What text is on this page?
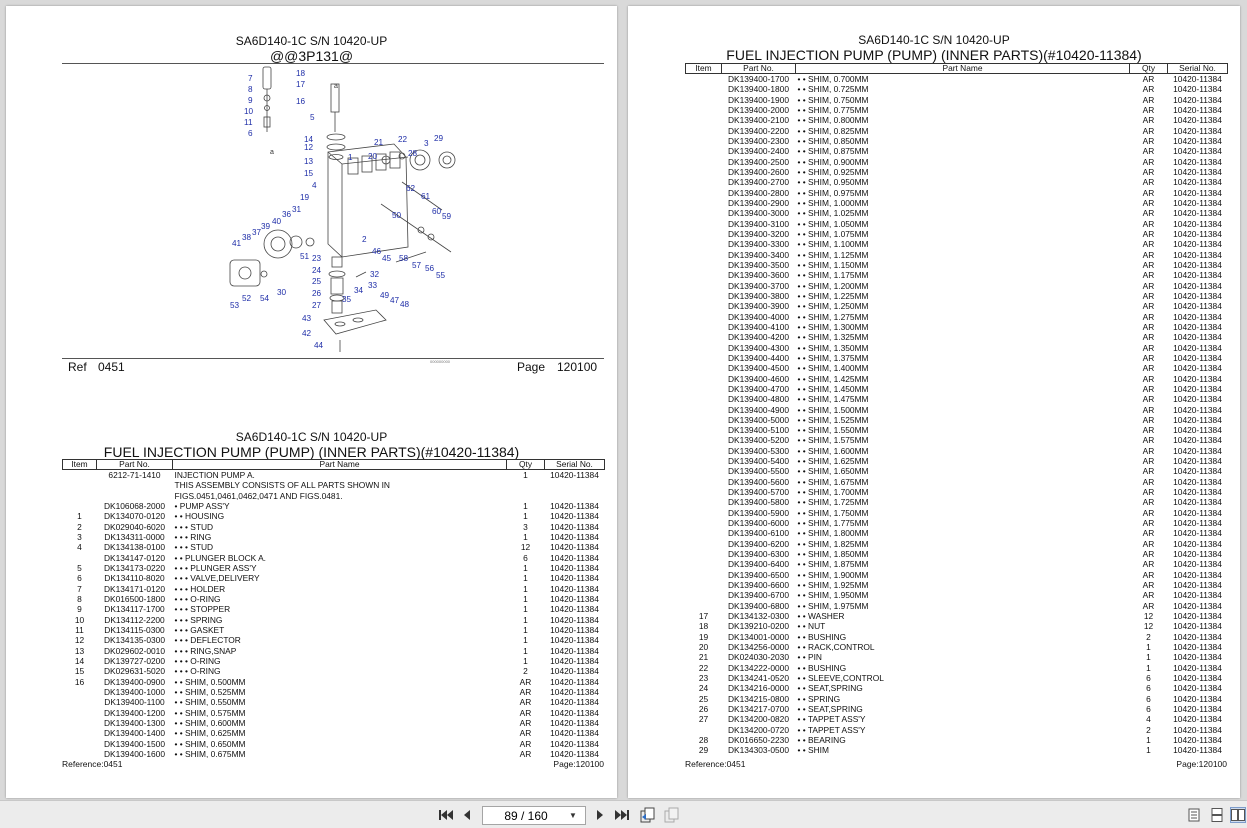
SA6D140-1C S/N 10420-UP
@@3P131@
1
2
3
4
5
6
7
8
9
10
11
12
13
14
15
16
17
18
19
20
21 22
23
24
25
26
27
28
29
30
31
32
33
34
35
36
37
38
39
40
41
42
43
44
45
46
47 48
49
50
51
52
53
54
55
56
57
58
59
60
61
62
a
a
000000000
Ref 0451	Page 120100
SA6D140-1C S/N 10420-UP
FUEL INJECTION PUMP (PUMP) (INNER PARTS)(#10420-11384)
Item	Part No.	Part Name	Qty	Serial No.
	6212-71-1410	INJECTION PUMP A.	1	10420-11384
		THIS ASSEMBLY CONSISTS OF ALL PARTS SHOWN IN		
		FIGS.0451,0461,0462,0471 AND FIGS.0481.		
	DK106068-2000	• PUMP ASS'Y	1	10420-11384
1	DK134070-0120	• • HOUSING	1	10420-11384
2	DK029040-6020	• • • STUD	3	10420-11384
3	DK134311-0000	• • • RING	1	10420-11384
4	DK134138-0100	• • • STUD	12	10420-11384
	DK134147-0120	• • PLUNGER BLOCK A.	6	10420-11384
5	DK134173-0220	• • • PLUNGER ASS'Y	1	10420-11384
6	DK134110-8020	• • • VALVE,DELIVERY	1	10420-11384
7	DK134171-0120	• • • HOLDER	1	10420-11384
8	DK016500-1800	• • • O-RING	1	10420-11384
9	DK134117-1700	• • • STOPPER	1	10420-11384
10	DK134112-2200	• • • SPRING	1	10420-11384
11	DK134115-0300	• • • GASKET	1	10420-11384
12	DK134135-0300	• • • DEFLECTOR	1	10420-11384
13	DK029602-0010	• • • RING,SNAP	1	10420-11384
14	DK139727-0200	• • • O-RING	1	10420-11384
15	DK029631-5020	• • • O-RING	2	10420-11384
16	DK139400-0900	• • SHIM, 0.500MM	AR	10420-11384
	DK139400-1000	• • SHIM, 0.525MM	AR	10420-11384
	DK139400-1100	• • SHIM, 0.550MM	AR	10420-11384
	DK139400-1200	• • SHIM, 0.575MM	AR	10420-11384
	DK139400-1300	• • SHIM, 0.600MM	AR	10420-11384
	DK139400-1400	• • SHIM, 0.625MM	AR	10420-11384
	DK139400-1500	• • SHIM, 0.650MM	AR	10420-11384
	DK139400-1600	• • SHIM, 0.675MM	AR	10420-11384
Reference:0451	Page:120100
SA6D140-1C S/N 10420-UP
FUEL INJECTION PUMP (PUMP) (INNER PARTS)(#10420-11384)
Item	Part No.	Part Name	Qty	Serial No.
	DK139400-1700	• • SHIM, 0.700MM	AR	10420-11384
	DK139400-1800	• • SHIM, 0.725MM	AR	10420-11384
	DK139400-1900	• • SHIM, 0.750MM	AR	10420-11384
	DK139400-2000	• • SHIM, 0.775MM	AR	10420-11384
	DK139400-2100	• • SHIM, 0.800MM	AR	10420-11384
	DK139400-2200	• • SHIM, 0.825MM	AR	10420-11384
	DK139400-2300	• • SHIM, 0.850MM	AR	10420-11384
	DK139400-2400	• • SHIM, 0.875MM	AR	10420-11384
	DK139400-2500	• • SHIM, 0.900MM	AR	10420-11384
	DK139400-2600	• • SHIM, 0.925MM	AR	10420-11384
	DK139400-2700	• • SHIM, 0.950MM	AR	10420-11384
	DK139400-2800	• • SHIM, 0.975MM	AR	10420-11384
	DK139400-2900	• • SHIM, 1.000MM	AR	10420-11384
	DK139400-3000	• • SHIM, 1.025MM	AR	10420-11384
	DK139400-3100	• • SHIM, 1.050MM	AR	10420-11384
	DK139400-3200	• • SHIM, 1.075MM	AR	10420-11384
	DK139400-3300	• • SHIM, 1.100MM	AR	10420-11384
	DK139400-3400	• • SHIM, 1.125MM	AR	10420-11384
	DK139400-3500	• • SHIM, 1.150MM	AR	10420-11384
	DK139400-3600	• • SHIM, 1.175MM	AR	10420-11384
	DK139400-3700	• • SHIM, 1.200MM	AR	10420-11384
	DK139400-3800	• • SHIM, 1.225MM	AR	10420-11384
	DK139400-3900	• • SHIM, 1.250MM	AR	10420-11384
	DK139400-4000	• • SHIM, 1.275MM	AR	10420-11384
	DK139400-4100	• • SHIM, 1.300MM	AR	10420-11384
	DK139400-4200	• • SHIM, 1.325MM	AR	10420-11384
	DK139400-4300	• • SHIM, 1.350MM	AR	10420-11384
	DK139400-4400	• • SHIM, 1.375MM	AR	10420-11384
	DK139400-4500	• • SHIM, 1.400MM	AR	10420-11384
	DK139400-4600	• • SHIM, 1.425MM	AR	10420-11384
	DK139400-4700	• • SHIM, 1.450MM	AR	10420-11384
	DK139400-4800	• • SHIM, 1.475MM	AR	10420-11384
	DK139400-4900	• • SHIM, 1.500MM	AR	10420-11384
	DK139400-5000	• • SHIM, 1.525MM	AR	10420-11384
	DK139400-5100	• • SHIM, 1.550MM	AR	10420-11384
	DK139400-5200	• • SHIM, 1.575MM	AR	10420-11384
	DK139400-5300	• • SHIM, 1.600MM	AR	10420-11384
	DK139400-5400	• • SHIM, 1.625MM	AR	10420-11384
	DK139400-5500	• • SHIM, 1.650MM	AR	10420-11384
	DK139400-5600	• • SHIM, 1.675MM	AR	10420-11384
	DK139400-5700	• • SHIM, 1.700MM	AR	10420-11384
	DK139400-5800	• • SHIM, 1.725MM	AR	10420-11384
	DK139400-5900	• • SHIM, 1.750MM	AR	10420-11384
	DK139400-6000	• • SHIM, 1.775MM	AR	10420-11384
	DK139400-6100	• • SHIM, 1.800MM	AR	10420-11384
	DK139400-6200	• • SHIM, 1.825MM	AR	10420-11384
	DK139400-6300	• • SHIM, 1.850MM	AR	10420-11384
	DK139400-6400	• • SHIM, 1.875MM	AR	10420-11384
	DK139400-6500	• • SHIM, 1.900MM	AR	10420-11384
	DK139400-6600	• • SHIM, 1.925MM	AR	10420-11384
	DK139400-6700	• • SHIM, 1.950MM	AR	10420-11384
	DK139400-6800	• • SHIM, 1.975MM	AR	10420-11384
17	DK134132-0300	• • WASHER	12	10420-11384
18	DK139210-0200	• • NUT	12	10420-11384
19	DK134001-0000	• • BUSHING	2	10420-11384
20	DK134256-0000	• • RACK,CONTROL	1	10420-11384
21	DK024030-2030	• • PIN	1	10420-11384
22	DK134222-0000	• • BUSHING	1	10420-11384
23	DK134241-0520	• • SLEEVE,CONTROL	6	10420-11384
24	DK134216-0000	• • SEAT,SPRING	6	10420-11384
25	DK134215-0800	• • SPRING	6	10420-11384
26	DK134217-0700	• • SEAT,SPRING	6	10420-11384
27	DK134200-0820	• • TAPPET ASS'Y	4	10420-11384
	DK134200-0720	• • TAPPET ASS'Y	2	10420-11384
28	DK016650-2230	• • BEARING	1	10420-11384
29	DK134303-0500	• • SHIM	1	10420-11384
Reference:0451	Page:120100
89 / 160
▼
